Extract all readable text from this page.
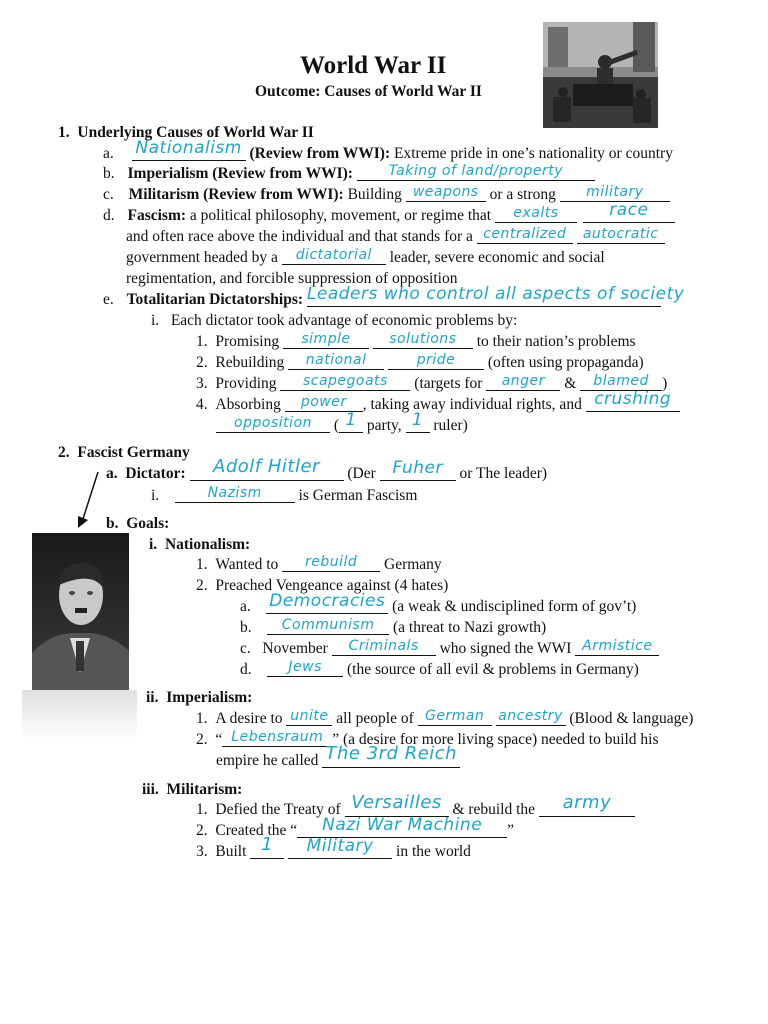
World War II
Outcome: Causes of World War II
1. Underlying Causes of World War II
a. Nationalism (Review from WWI): Extreme pride in one’s nationality or country
b. Imperialism (Review from WWI):	Taking of land/property
c. Militarism (Review from WWI): Building weapons or a strong military
d. Fascism: a political philosophy, movement, or regime that exalts	race
and often race above the individual and that stands for a centralized autocratic
government headed by a dictatorial leader, severe economic and social
regimentation, and forcible suppression of opposition
e. Totalitarian Dictatorships: Leaders who control all aspects of society
i. Each dictator took advantage of economic problems by:
1. Promising simple	solutions to their nation’s problems
2. Rebuilding national	pride (often using propaganda)
3. Providing scapegoats (targets for anger & blamed )
4. Absorbing power , taking away individual rights, and crushing
opposition ( 1 party, 1 ruler)
2. Fascist Germany
a. Dictator: Adolf Hitler (Der Fuher or The leader)
i.	Nazism is German Fascism
b. Goals:
i. Nationalism:
1. Wanted to rebuild Germany
2. Preached Vengeance against (4 hates)
a. Democracies (a weak & undisciplined form of gov’t)
b. Communism (a threat to Nazi growth)
c. November Criminals who signed the WWI Armistice
d.	Jews (the source of all evil & problems in Germany)
ii. Imperialism:
1. A desire to unite all people of German ancestry (Blood & language)
2. “ Lebensraum ” (a desire for more living space) needed to build his
empire he called The 3rd Reich
iii. Militarism:
1. Defied the Treaty of Versailles & rebuild the army
2. Created the “ Nazi War Machine ”
3. Built 1 Military in the world
